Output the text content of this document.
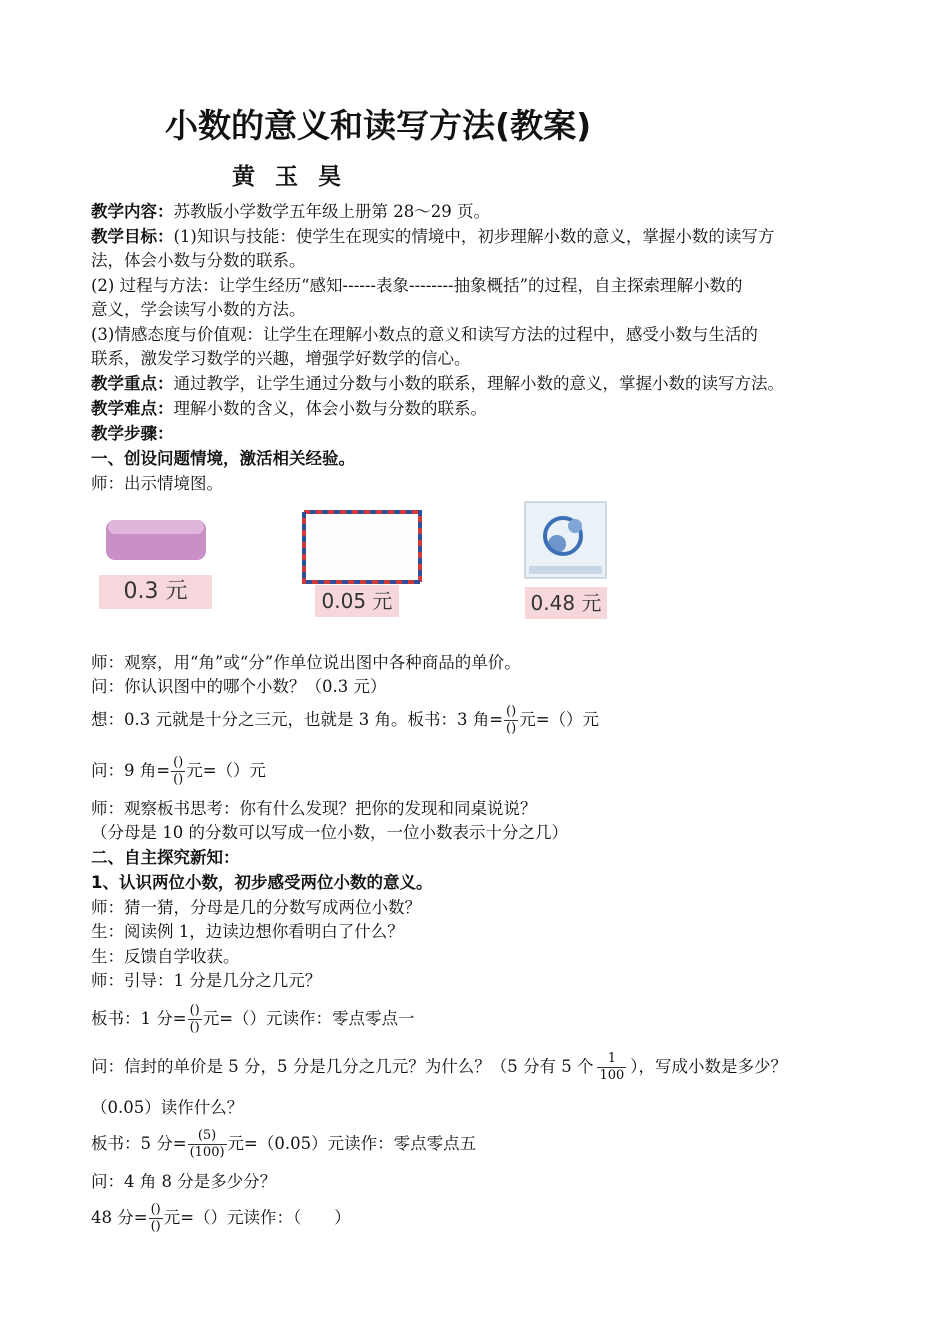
小数的意义和读写方法(教案)
黄 玉 昊
教学内容：苏教版小学数学五年级上册第 28～29 页。
教学目标：(1)知识与技能：使学生在现实的情境中，初步理解小数的意义，掌握小数的读写方
法，体会小数与分数的联系。
(2) 过程与方法：让学生经历“感知------表象--------抽象概括”的过程，自主探索理解小数的
意义，学会读写小数的方法。
(3)情感态度与价值观：让学生在理解小数点的意义和读写方法的过程中，感受小数与生活的
联系，激发学习数学的兴趣，增强学好数学的信心。
教学重点：通过教学，让学生通过分数与小数的联系，理解小数的意义，掌握小数的读写方法。
教学难点：理解小数的含义，体会小数与分数的联系。
教学步骤：
一、创设问题情境，激活相关经验。
师：出示情境图。
0.3 元	0.05 元	0.48 元
师：观察，用“角”或“分”作单位说出图中各种商品的单价。
问：你认识图中的哪个小数？（0.3 元）
想：0.3 元就是十分之三元，也就是 3 角。板书：3 角= $\frac{()}{()}$ 元=（）元
问：9 角= $\frac{()}{()}$ 元=（）元
师：观察板书思考：你有什么发现？把你的发现和同桌说说？
（分母是 10 的分数可以写成一位小数，一位小数表示十分之几）
二、自主探究新知：
1、认识两位小数，初步感受两位小数的意义。
师：猜一猜，分母是几的分数写成两位小数？
生：阅读例 1，边读边想你看明白了什么？
生：反馈自学收获。
师：引导：1 分是几分之几元？
板书：1 分= $\frac{()}{()}$ 元=（）元读作：零点零点一
问：信封的单价是 5 分，5 分是几分之几元？为什么？（5 分有 5 个 $\frac{1}{100}$ ），写成小数是多少？
（0.05）读作什么？
板书：5 分= $\frac{(5)}{(100)}$ 元=（0.05）元读作：零点零点五
问：4 角 8 分是多少分？
48 分= $\frac{()}{()}$ 元=（）元读作：（　　）
